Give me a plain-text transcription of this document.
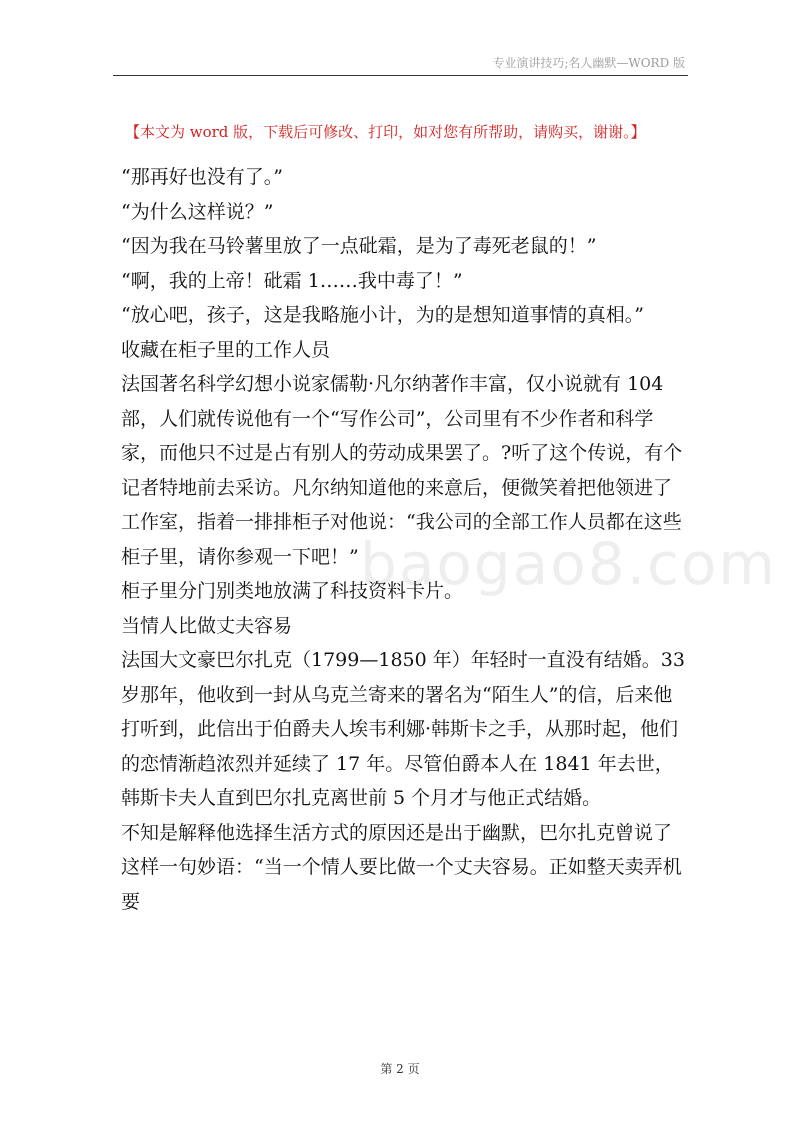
专业演讲技巧;名人幽默—WORD 版
【本文为 word 版，下载后可修改、打印，如对您有所帮助，请购买，谢谢。】
baogao8.com

“那再好也没有了。”

“为什么这样说？”

“因为我在马铃薯里放了一点砒霜，是为了毒死老鼠的！”

“啊，我的上帝！砒霜 1……我中毒了！”

“放心吧，孩子，这是我略施小计，为的是想知道事情的真相。”

收藏在柜子里的工作人员

法国著名科学幻想小说家儒勒·凡尔纳著作丰富，仅小说就有 104 部，人们就传说他有一个“写作公司”，公司里有不少作者和科学家，而他只不过是占有别人的劳动成果罢了。?听了这个传说，有个记者特地前去采访。凡尔纳知道他的来意后，便微笑着把他领进了工作室，指着一排排柜子对他说：“我公司的全部工作人员都在这些柜子里，请你参观一下吧！”

柜子里分门别类地放满了科技资料卡片。

当情人比做丈夫容易

法国大文豪巴尔扎克（1799—1850 年）年轻时一直没有结婚。33 岁那年，他收到一封从乌克兰寄来的署名为“陌生人”的信，后来他打听到，此信出于伯爵夫人埃韦利娜·韩斯卡之手，从那时起，他们的恋情渐趋浓烈并延续了 17 年。尽管伯爵本人在 1841 年去世，韩斯卡夫人直到巴尔扎克离世前 5 个月才与他正式结婚。

不知是解释他选择生活方式的原因还是出于幽默，巴尔扎克曾说了这样一句妙语：“当一个情人要比做一个丈夫容易。正如整天卖弄机要

第 2 页
